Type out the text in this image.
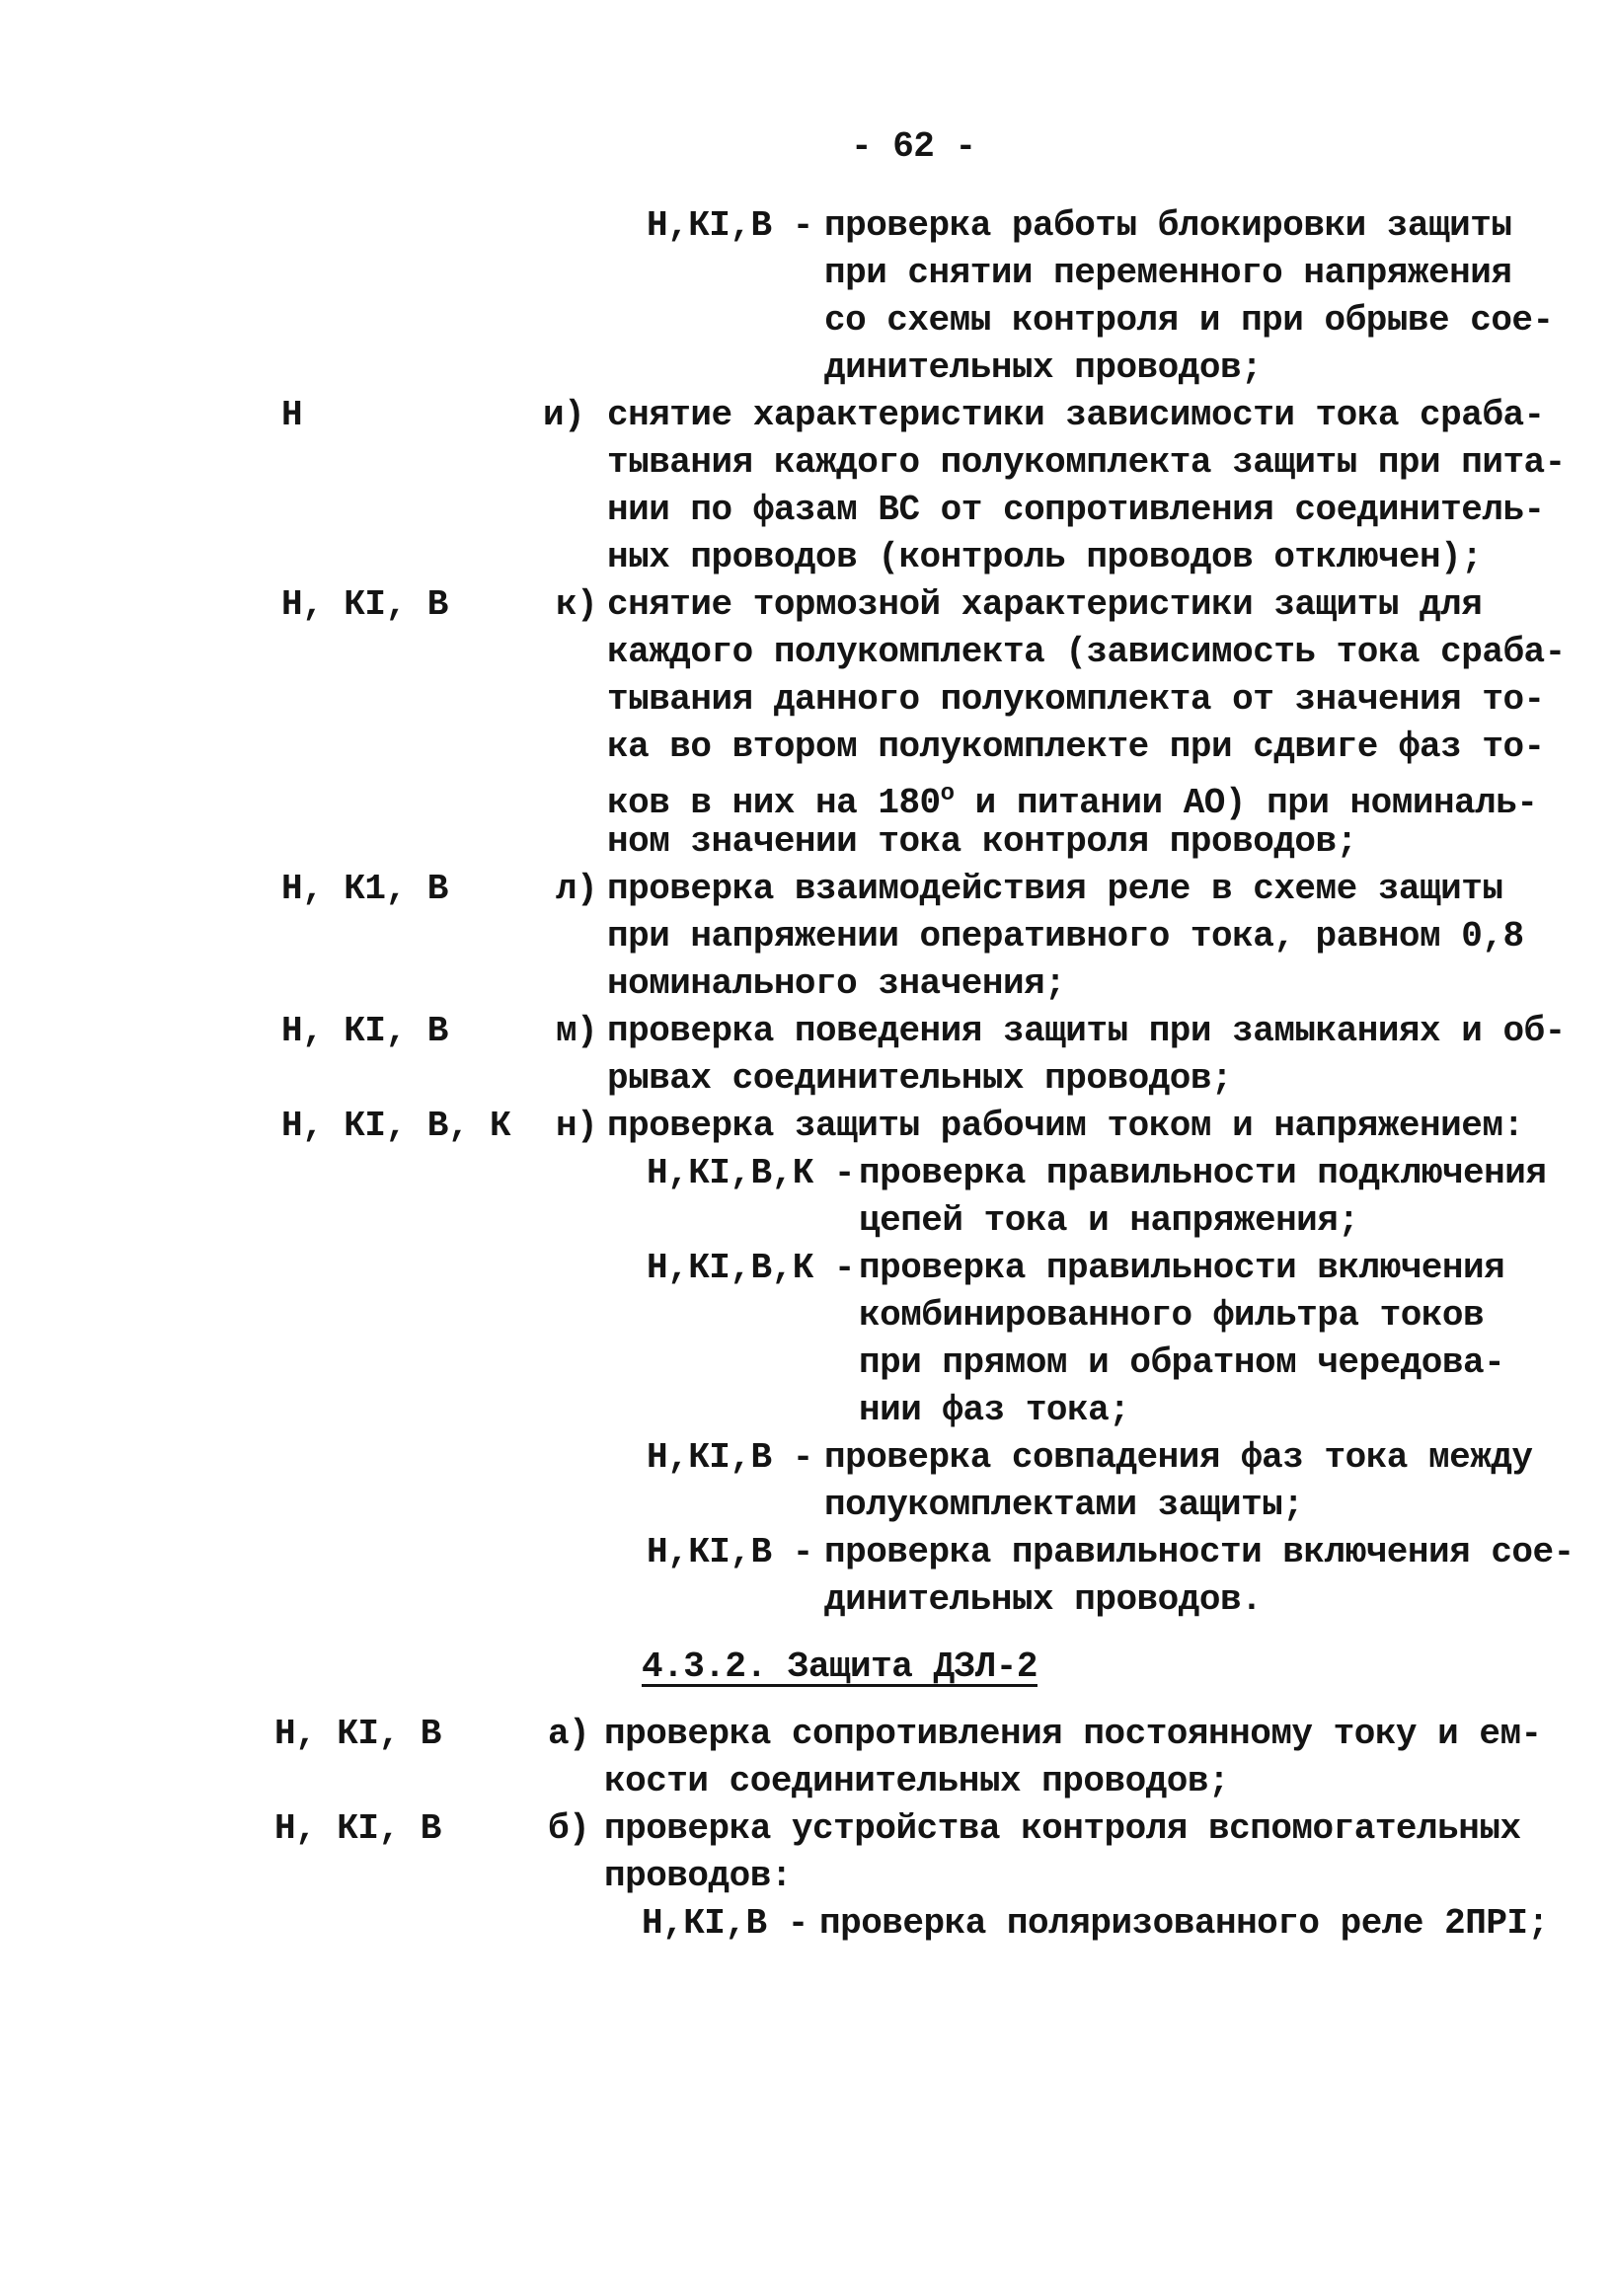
- 62 -
Н,КI,В - проверка работы блокировки защиты
при снятии переменного напряжения
со схемы контроля и при обрыве сое-
динительных проводов;
Н	и) снятие характеристики зависимости тока сраба-
тывания каждого полукомплекта защиты при пита-
нии по фазам ВС от сопротивления соединитель-
ных проводов (контроль проводов отключен);
Н, КI, В	к) снятие тормозной характеристики защиты для
каждого полукомплекта (зависимость тока сраба-
тывания данного полукомплекта от значения то-
ка во втором полукомплекте при сдвиге фаз то-
ков в них на $180^о$ и питании АО) при номиналь-
ном значении тока контроля проводов;
Н, К1, В	л) проверка взаимодействия реле в схеме защиты
при напряжении оперативного тока, равном 0,8
номинального значения;
Н, КI, В	м) проверка поведения защиты при замыканиях и об-
рывах соединительных проводов;
Н, КI, В, К н) проверка защиты рабочим током и напряжением:
Н,КI,В,К - проверка правильности подключения
цепей тока и напряжения;
Н,КI,В,К - проверка правильности включения
комбинированного фильтра токов
при прямом и обратном чередова-
нии фаз тока;
Н,КI,В - проверка совпадения фаз тока между
полукомплектами защиты;
Н,КI,В - проверка правильности включения сое-
динительных проводов.
4.3.2. Защита ДЗЛ-2
Н, КI, В	а) проверка сопротивления постоянному току и ем-
кости соединительных проводов;
Н, КI, В	б) проверка устройства контроля вспомогательных
проводов:
Н,КI,В - проверка поляризованного реле 2ПРI;
